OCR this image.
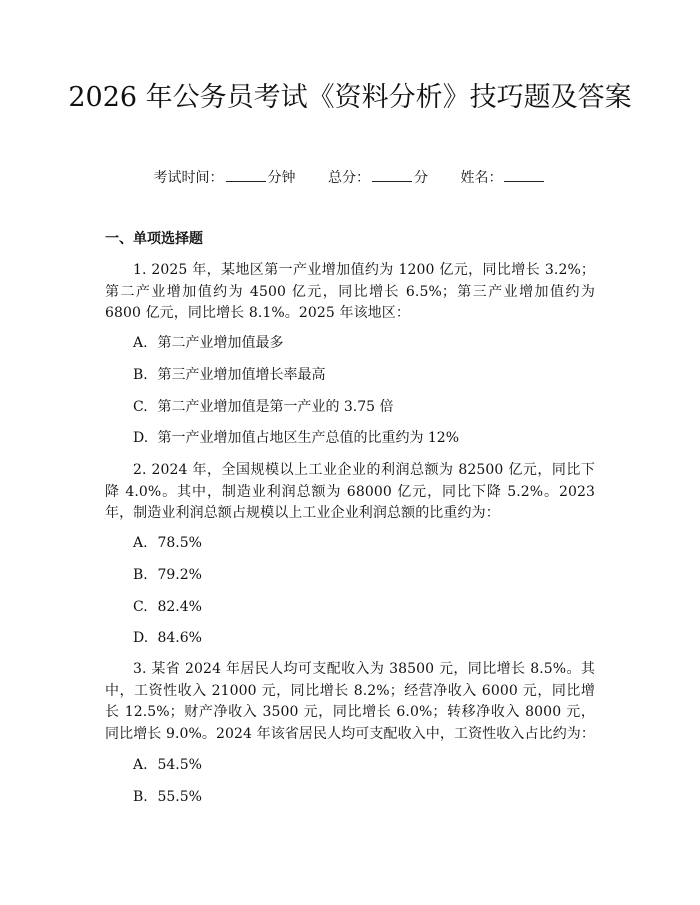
2026 年公务员考试《资料分析》技巧题及答案
考试时间：	分钟 总分：	分 姓名：
一、单项选择题
1. 2025 年，某地区第一产业增加值约为 1200 亿元，同比增长 3.2%；第二产业增加值约为 4500 亿元，同比增长 6.5%；第三产业增加值约为 6800 亿元，同比增长 8.1%。2025 年该地区：
A. 第二产业增加值最多
B. 第三产业增加值增长率最高
C. 第二产业增加值是第一产业的 3.75 倍
D. 第一产业增加值占地区生产总值的比重约为 12%
2. 2024 年，全国规模以上工业企业的利润总额为 82500 亿元，同比下降 4.0%。其中，制造业利润总额为 68000 亿元，同比下降 5.2%。2023 年，制造业利润总额占规模以上工业企业利润总额的比重约为：
A. 78.5%
B. 79.2%
C. 82.4%
D. 84.6%
3. 某省 2024 年居民人均可支配收入为 38500 元，同比增长 8.5%。其中，工资性收入 21000 元，同比增长 8.2%；经营净收入 6000 元，同比增长 12.5%；财产净收入 3500 元，同比增长 6.0%；转移净收入 8000 元，同比增长 9.0%。2024 年该省居民人均可支配收入中，工资性收入占比约为：
A. 54.5%
B. 55.5%
